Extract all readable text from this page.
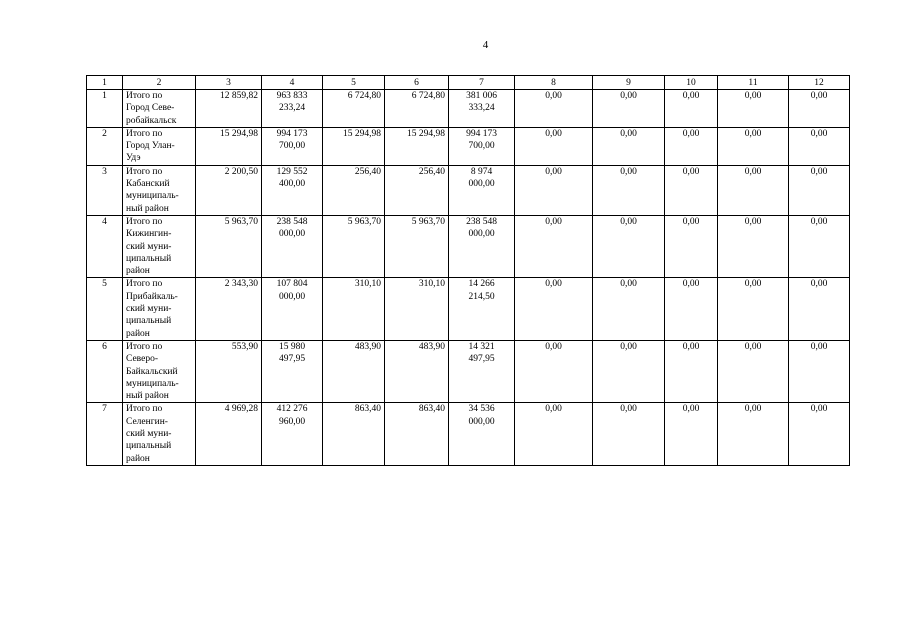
4
1	2	3	4	5	6	7	8	9	10	11	12
1	Итого по
Город Севе-
робайкальск	12 859,82	963 833
233,24	6 724,80	6 724,80	381 006
333,24	0,00	0,00	0,00	0,00	0,00
2	Итого по
Город Улан-
Удэ	15 294,98	994 173
700,00	15 294,98	15 294,98	994 173
700,00	0,00	0,00	0,00	0,00	0,00
3	Итого по
Кабанский
муниципаль-
ный район	2 200,50	129 552
400,00	256,40	256,40	8 974
000,00	0,00	0,00	0,00	0,00	0,00
4	Итого по
Кижингин-
ский муни-
ципальный
район	5 963,70	238 548
000,00	5 963,70	5 963,70	238 548
000,00	0,00	0,00	0,00	0,00	0,00
5	Итого по
Прибайкаль-
ский муни-
ципальный
район	2 343,30	107 804
000,00	310,10	310,10	14 266
214,50	0,00	0,00	0,00	0,00	0,00
6	Итого по
Северо-
Байкальский
муниципаль-
ный район	553,90	15 980
497,95	483,90	483,90	14 321
497,95	0,00	0,00	0,00	0,00	0,00
7	Итого по
Селенгин-
ский муни-
ципальный
район	4 969,28	412 276
960,00	863,40	863,40	34 536
000,00	0,00	0,00	0,00	0,00	0,00
